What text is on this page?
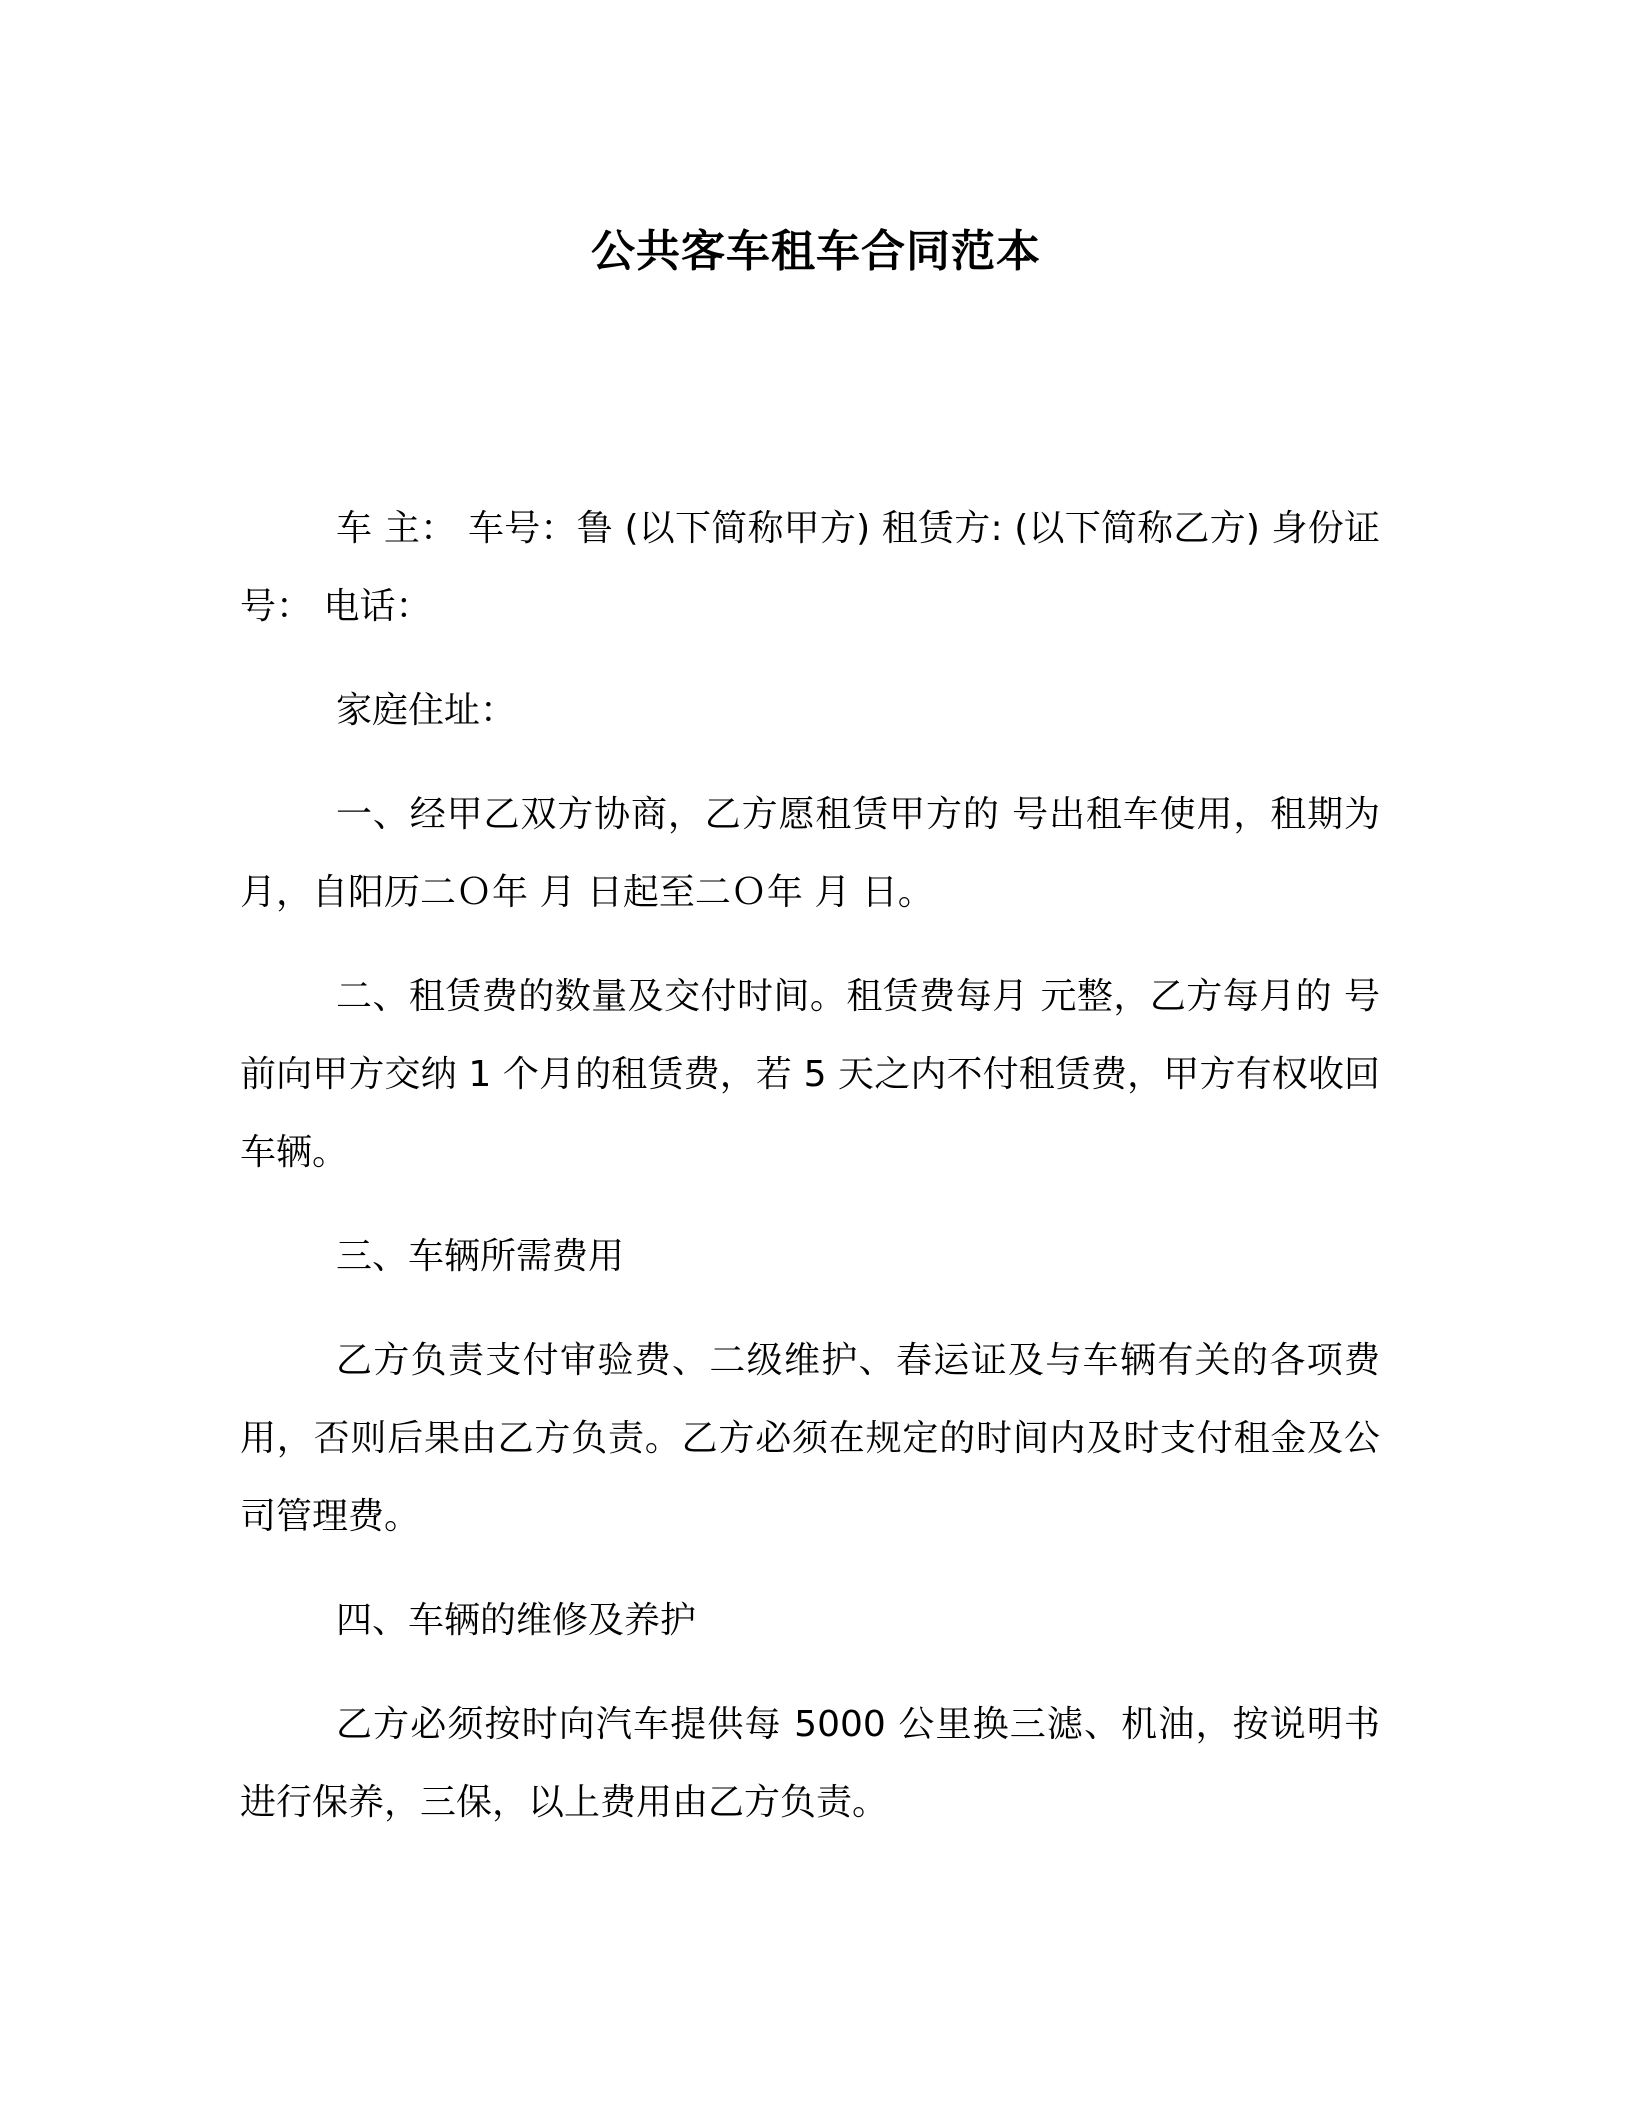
公共客车租车合同范本

车 主： 车号：鲁 (以下简称甲方) 租赁方: (以下简称乙方) 身份证号： 电话：

家庭住址：

一、经甲乙双方协商，乙方愿租赁甲方的 号出租车使用，租期为 月，自阳历二Ｏ年 月 日起至二Ｏ年 月 日。

二、租赁费的数量及交付时间。租赁费每月 元整，乙方每月的 号前向甲方交纳 1 个月的租赁费，若 5 天之内不付租赁费，甲方有权收回车辆。

三、车辆所需费用

乙方负责支付审验费、二级维护、春运证及与车辆有关的各项费用，否则后果由乙方负责。乙方必须在规定的时间内及时支付租金及公司管理费。

四、车辆的维修及养护

乙方必须按时向汽车提供每 5000 公里换三滤、机油，按说明书进行保养，三保，以上费用由乙方负责。
